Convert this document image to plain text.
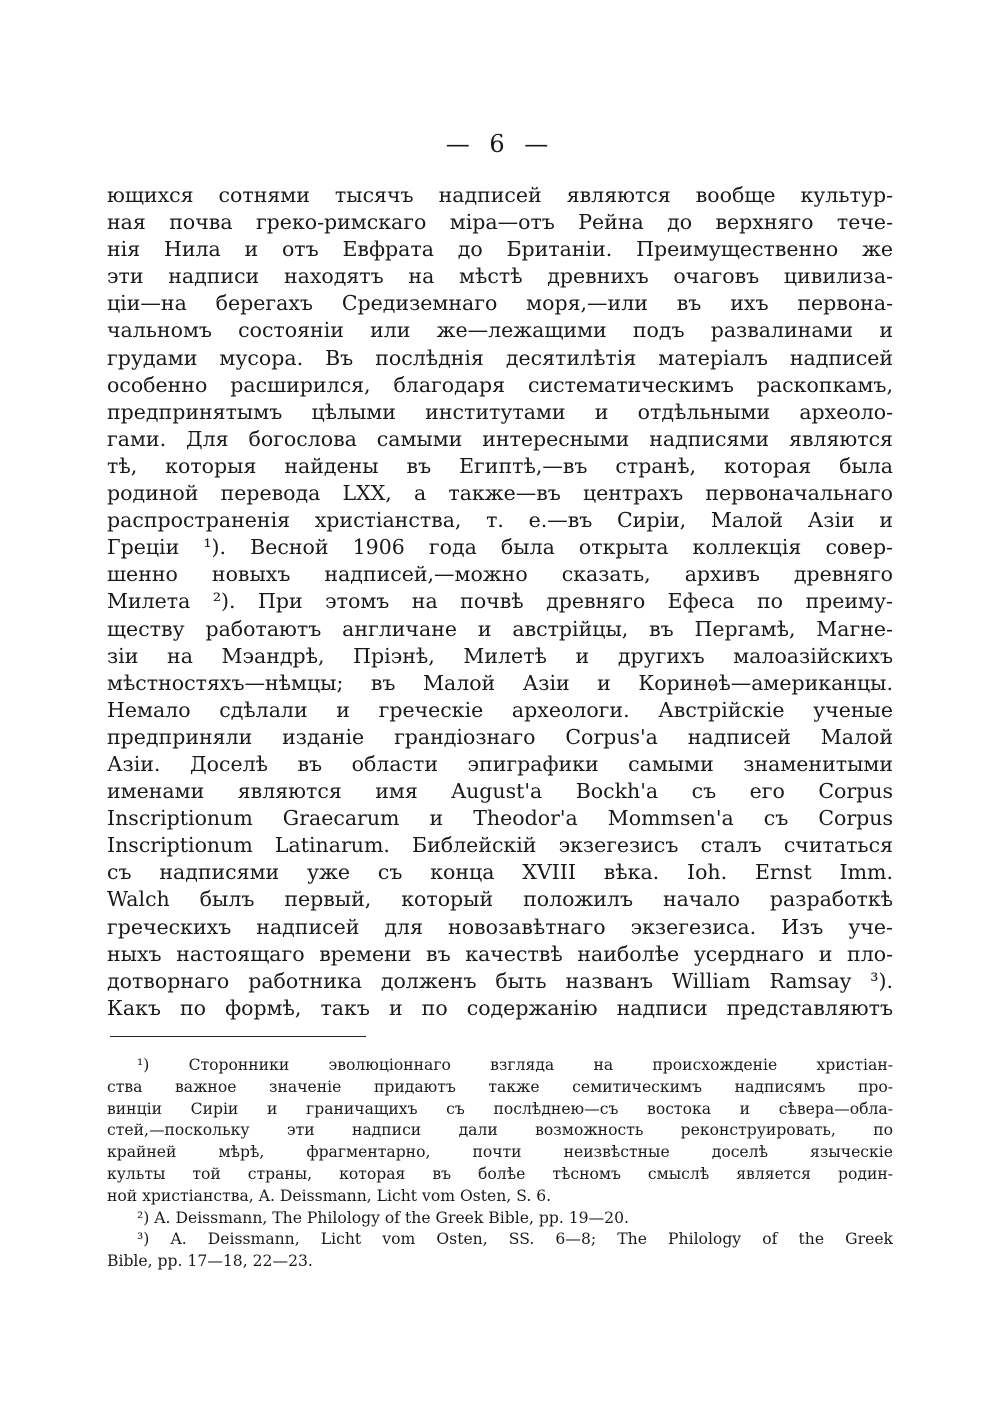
— 6 —
ющихся сотнями тысячъ надписей являются вообще культур-
ная почва греко-римскаго міра—отъ Рейна до верхняго тече-
нія Нила и отъ Евфрата до Британіи. Преимущественно же
эти надписи находятъ на мѣстѣ древнихъ очаговъ цивилиза-
ціи—на берегахъ Средиземнаго моря,—или въ ихъ первона-
чальномъ состояніи или же—лежащими подъ развалинами и
грудами мусора. Въ послѣднія десятилѣтія матеріалъ надписей
особенно расширился, благодаря систематическимъ раскопкамъ,
предпринятымъ цѣлыми институтами и отдѣльными археоло-
гами. Для богослова самыми интересными надписями являются
тѣ, которыя найдены въ Египтѣ,—въ странѣ, которая была
родиной перевода LXX, а также—въ центрахъ первоначальнаго
распространенія христіанства, т. е.—въ Сиріи, Малой Азіи и
Греціи ¹). Весной 1906 года была открыта коллекція совер-
шенно новыхъ надписей,—можно сказать, архивъ древняго
Милета ²). При этомъ на почвѣ древняго Ефеса по преиму-
ществу работаютъ англичане и австрійцы, въ Пергамѣ, Магне-
зіи на Мэандрѣ, Пріэнѣ, Милетѣ и другихъ малоазійскихъ
мѣстностяхъ—нѣмцы; въ Малой Азіи и Коринѳѣ—американцы.
Немало сдѣлали и греческіе археологи. Австрійскіе ученые
предприняли изданіе грандіознаго Corpus'а надписей Малой
Азіи. Доселѣ въ области эпиграфики самыми знаменитыми
именами являются имя August'а Bockh'а съ его Corpus
Inscriptionum Graecarum и Theodor'а Mommsen'а съ Corpus
Inscriptionum Latinarum. Библейскій экзегезисъ сталъ считаться
съ надписями уже съ конца XVIII вѣка. Ioh. Ernst Imm.
Walch былъ первый, который положилъ начало разработкѣ
греческихъ надписей для новозавѣтнаго экзегезиса. Изъ уче-
ныхъ настоящаго времени въ качествѣ наиболѣе усерднаго и пло-
дотворнаго работника долженъ быть названъ William Ramsay ³).
Какъ по формѣ, такъ и по содержанію надписи представляютъ
¹) Сторонники эволюціоннаго взгляда на происхожденіе христіан-
ства важное значеніе придаютъ также семитическимъ надписямъ про-
винціи Сиріи и граничащихъ съ послѣднею—съ востока и сѣвера—обла-
стей,—поскольку эти надписи дали возможность реконструировать, по
крайней мѣрѣ, фрагментарно, почти неизвѣстные доселѣ языческіе
культы той страны, которая въ болѣе тѣсномъ смыслѣ является родин-
ной христіанства, A. Deissmann, Licht vom Osten, S. 6.
²) A. Deissmann, The Philology of the Greek Bible, pp. 19—20.
³) A. Deissmann, Licht vom Osten, SS. 6—8; The Philology of the Greek
Bible, pp. 17—18, 22—23.
